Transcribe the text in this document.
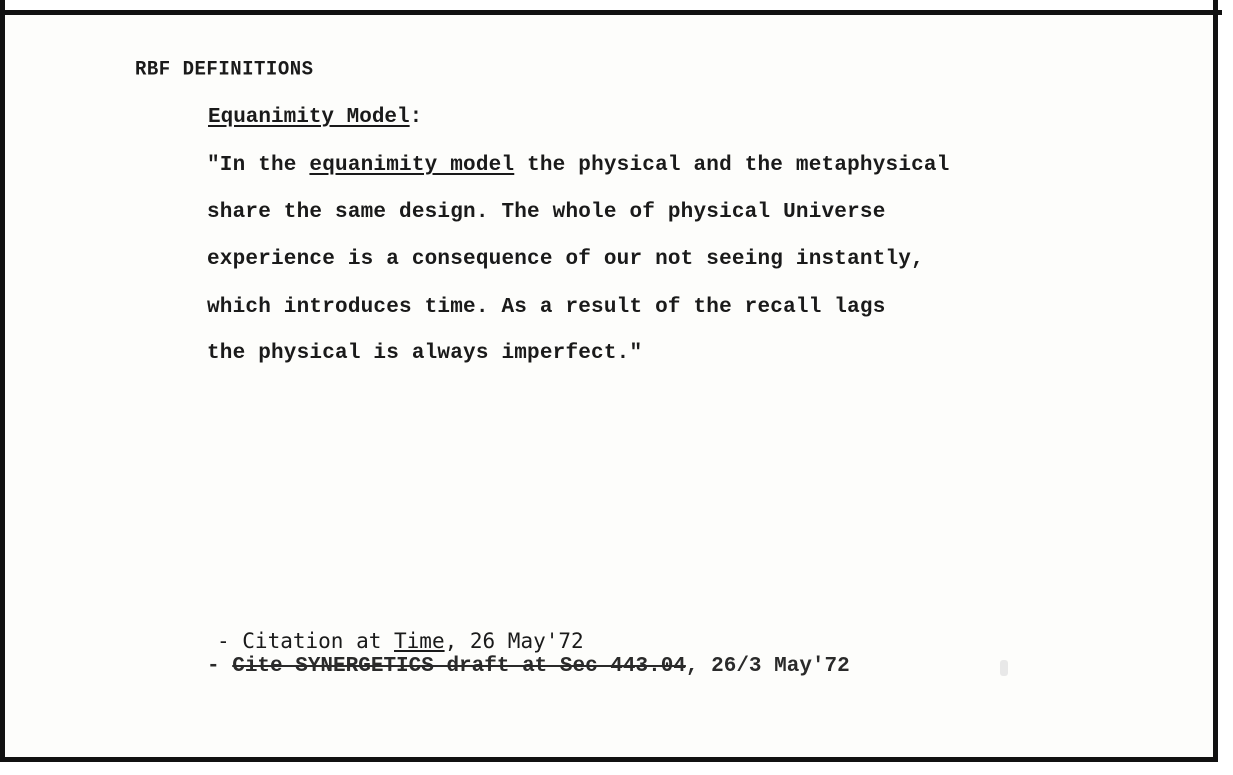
RBF DEFINITIONS
Equanimity Model:
"In the equanimity model the physical and the metaphysical
share the same design. The whole of physical Universe
experience is a consequence of our not seeing instantly,
which introduces time. As a result of the recall lags
the physical is always imperfect."
- Citation at Time, 26 May'72
- Cite SYNERGETICS draft at Sec 443.04, 26/3 May'72
